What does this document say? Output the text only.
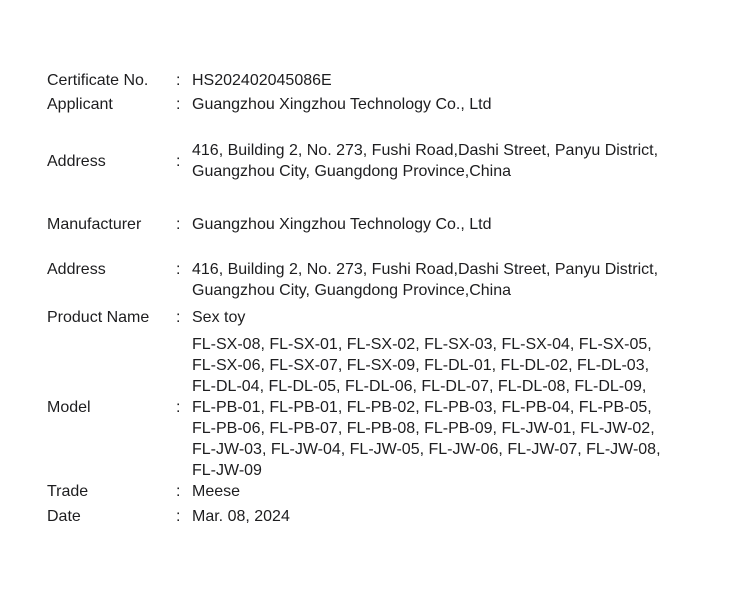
Certificate No.	: HS202402045086E
Applicant	: Guangzhou Xingzhou Technology Co., Ltd
Address	:
416, Building 2, No. 273, Fushi Road,Dashi Street, Panyu District,
Guangzhou City, Guangdong Province,China
Manufacturer	: Guangzhou Xingzhou Technology Co., Ltd
Address	: 416, Building 2, No. 273, Fushi Road,Dashi Street, Panyu District,
Guangzhou City, Guangdong Province,China
Product Name	: Sex toy
Model	:
FL-SX-08, FL-SX-01, FL-SX-02, FL-SX-03, FL-SX-04, FL-SX-05,
FL-SX-06, FL-SX-07, FL-SX-09, FL-DL-01, FL-DL-02, FL-DL-03,
FL-DL-04, FL-DL-05, FL-DL-06, FL-DL-07, FL-DL-08, FL-DL-09,
FL-PB-01, FL-PB-01, FL-PB-02, FL-PB-03, FL-PB-04, FL-PB-05,
FL-PB-06, FL-PB-07, FL-PB-08, FL-PB-09, FL-JW-01, FL-JW-02,
FL-JW-03, FL-JW-04, FL-JW-05, FL-JW-06, FL-JW-07, FL-JW-08,
FL-JW-09
Trade	: Meese
Date	: Mar. 08, 2024
